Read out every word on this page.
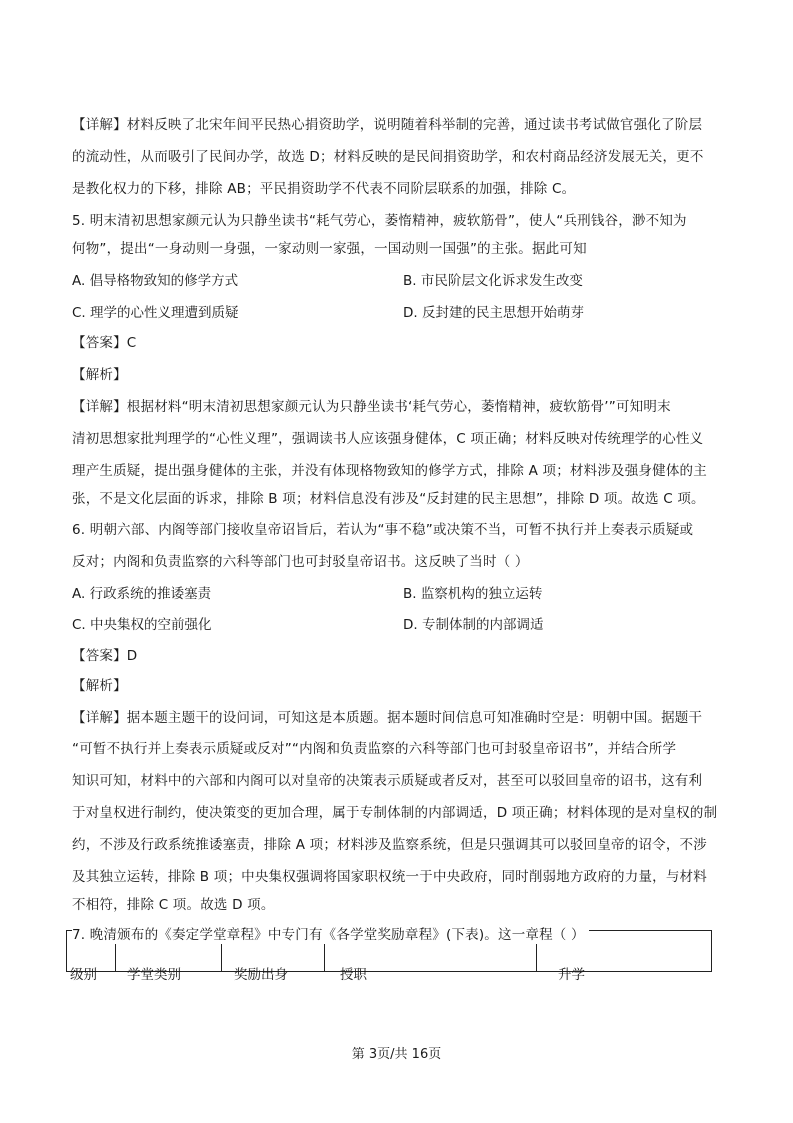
【详解】材料反映了北宋年间平民热心捐资助学，说明随着科举制的完善，通过读书考试做官强化了阶层
的流动性，从而吸引了民间办学，故选 D；材料反映的是民间捐资助学，和农村商品经济发展无关，更不
是教化权力的下移，排除 AB；平民捐资助学不代表不同阶层联系的加强，排除 C。
5. 明末清初思想家颜元认为只静坐读书“耗气劳心，萎惰精神，疲软筋骨”，使人“兵刑钱谷，渺不知为
何物”，提出“一身动则一身强，一家动则一家强，一国动则一国强”的主张。据此可知
A. 倡导格物致知的修学方式	B. 市民阶层文化诉求发生改变
C. 理学的心性义理遭到质疑	D. 反封建的民主思想开始萌芽
【答案】C
【解析】
【详解】根据材料“明末清初思想家颜元认为只静坐读书‘耗气劳心，萎惰精神，疲软筋骨’”可知明末
清初思想家批判理学的“心性义理”，强调读书人应该强身健体，C 项正确；材料反映对传统理学的心性义
理产生质疑，提出强身健体的主张，并没有体现格物致知的修学方式，排除 A 项；材料涉及强身健体的主
张，不是文化层面的诉求，排除 B 项；材料信息没有涉及“反封建的民主思想”，排除 D 项。故选 C 项。
6. 明朝六部、内阁等部门接收皇帝诏旨后，若认为“事不稳”或决策不当，可暂不执行并上奏表示质疑或
反对；内阁和负责监察的六科等部门也可封驳皇帝诏书。这反映了当时（ ）
A. 行政系统的推诿塞责	B. 监察机构的独立运转
C. 中央集权的空前强化	D. 专制体制的内部调适
【答案】D
【解析】
【详解】据本题主题干的设问词，可知这是本质题。据本题时间信息可知准确时空是：明朝中国。据题干
“可暂不执行并上奏表示质疑或反对”“内阁和负责监察的六科等部门也可封驳皇帝诏书”，并结合所学
知识可知，材料中的六部和内阁可以对皇帝的决策表示质疑或者反对，甚至可以驳回皇帝的诏书，这有利
于对皇权进行制约，使决策变的更加合理，属于专制体制的内部调适，D 项正确；材料体现的是对皇权的制
约，不涉及行政系统推诿塞责，排除 A 项；材料涉及监察系统，但是只强调其可以驳回皇帝的诏令，不涉
及其独立运转，排除 B 项；中央集权强调将国家职权统一于中央政府，同时削弱地方政府的力量，与材料
不相符，排除 C 项。故选 D 项。
7. 晚清颁布的《奏定学堂章程》中专门有《各学堂奖励章程》(下表)。这一章程（ ）
级别 学堂类别	奖励出身	授职	升学
第 3页/共 16页
